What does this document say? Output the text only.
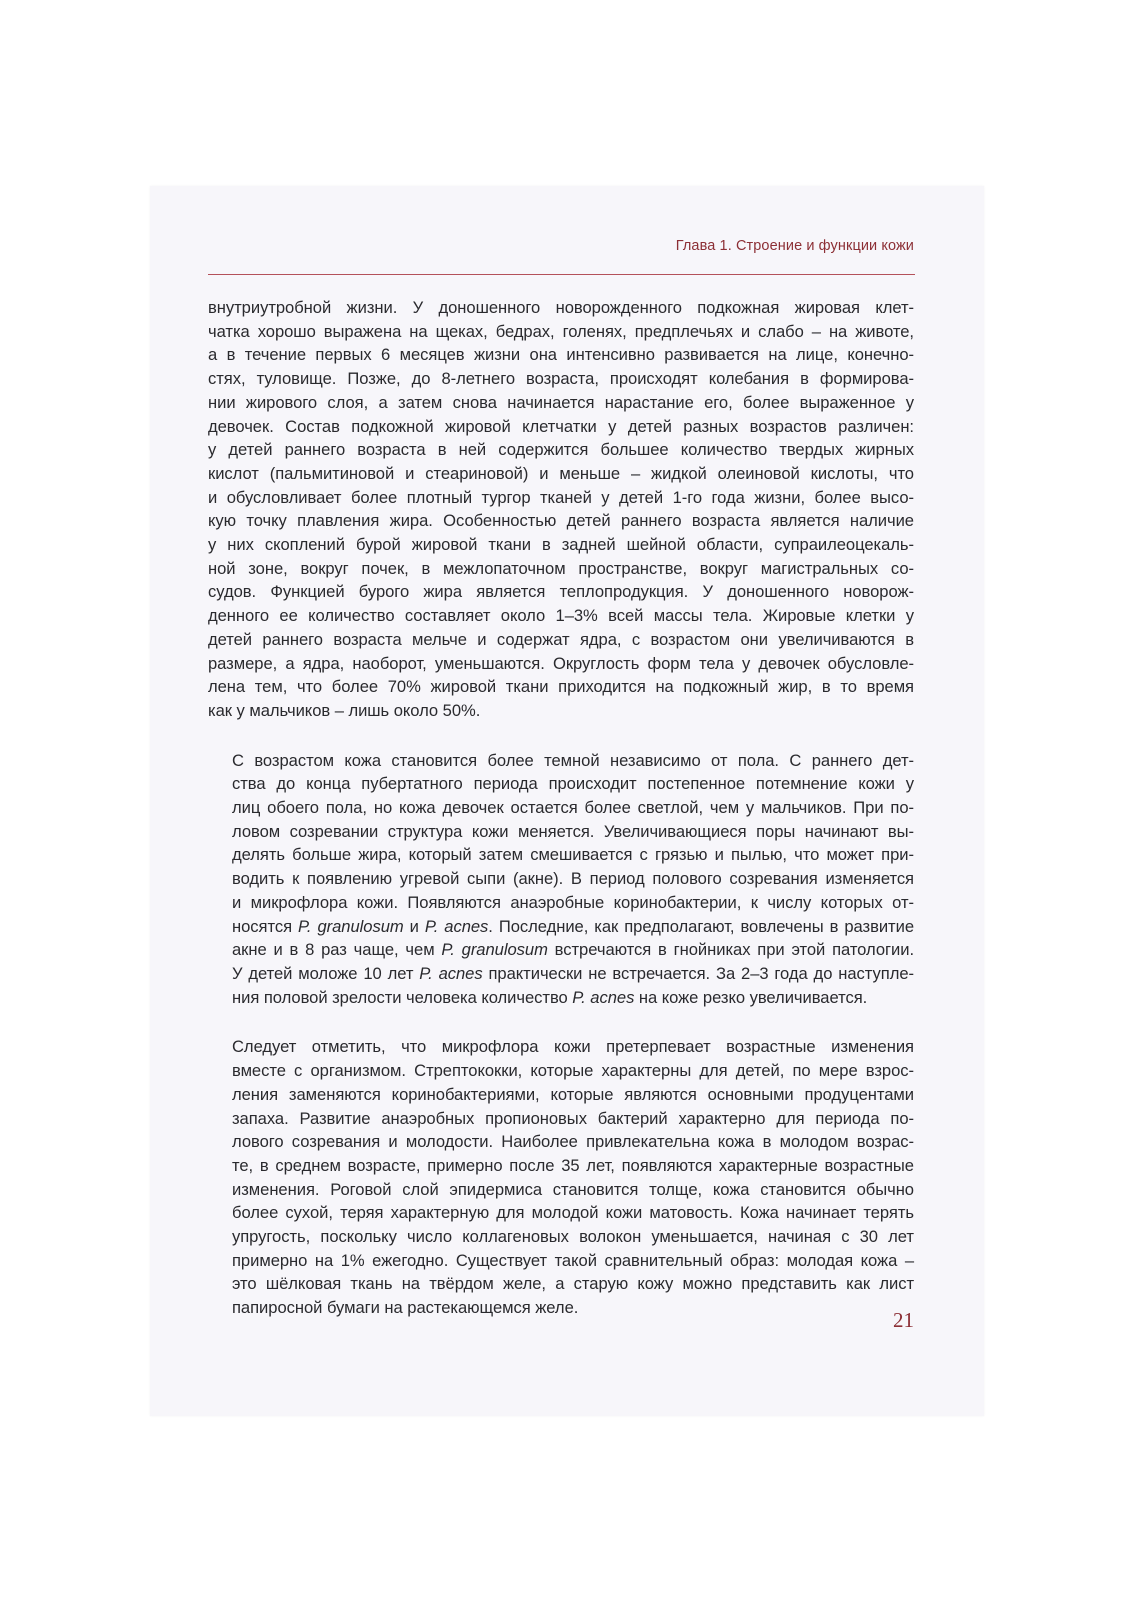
Глава 1. Строение и функции кожи
внутриутробной жизни. У доношенного новорожденного подкожная жировая клет-
чатка хорошо выражена на щеках, бедрах, голенях, предплечьях и слабо – на животе,
а в течение первых 6 месяцев жизни она интенсивно развивается на лице, конечно-
стях, туловище. Позже, до 8-летнего возраста, происходят колебания в формирова-
нии жирового слоя, а затем снова начинается нарастание его, более выраженное у
девочек. Состав подкожной жировой клетчатки у детей разных возрастов различен:
у детей раннего возраста в ней содержится большее количество твердых жирных
кислот (пальмитиновой и стеариновой) и меньше – жидкой олеиновой кислоты, что
и обусловливает более плотный тургор тканей у детей 1-го года жизни, более высо-
кую точку плавления жира. Особенностью детей раннего возраста является наличие
у них скоплений бурой жировой ткани в задней шейной области, супраилеоцекаль-
ной зоне, вокруг почек, в межлопаточном пространстве, вокруг магистральных со-
судов. Функцией бурого жира является теплопродукция. У доношенного новорож-
денного ее количество составляет около 1–3% всей массы тела. Жировые клетки у
детей раннего возраста мельче и содержат ядра, с возрастом они увеличиваются в
размере, а ядра, наоборот, уменьшаются. Округлость форм тела у девочек обусловле-
лена тем, что более 70% жировой ткани приходится на подкожный жир, в то время
как у мальчиков – лишь около 50%.
С возрастом кожа становится более темной независимо от пола. С раннего дет-
ства до конца пубертатного периода происходит постепенное потемнение кожи у
лиц обоего пола, но кожа девочек остается более светлой, чем у мальчиков. При по-
ловом созревании структура кожи меняется. Увеличивающиеся поры начинают вы-
делять больше жира, который затем смешивается с грязью и пылью, что может при-
водить к появлению угревой сыпи (акне). В период полового созревания изменяется
и микрофлора кожи. Появляются анаэробные коринобактерии, к числу которых от-
носятся P. granulosum и P. acnes. Последние, как предполагают, вовлечены в развитие
акне и в 8 раз чаще, чем P. granulosum встречаются в гнойниках при этой патологии.
У детей моложе 10 лет P. acnes практически не встречается. За 2–3 года до наступле-
ния половой зрелости человека количество P. acnes на коже резко увеличивается.
Следует отметить, что микрофлора кожи претерпевает возрастные изменения
вместе с организмом. Стрептококки, которые характерны для детей, по мере взрос-
ления заменяются коринобактериями, которые являются основными продуцентами
запаха. Развитие анаэробных пропионовых бактерий характерно для периода по-
лового созревания и молодости. Наиболее привлекательна кожа в молодом возрас-
те, в среднем возрасте, примерно после 35 лет, появляются характерные возрастные
изменения. Роговой слой эпидермиса становится толще, кожа становится обычно
более сухой, теряя характерную для молодой кожи матовость. Кожа начинает терять
упругость, поскольку число коллагеновых волокон уменьшается, начиная с 30 лет
примерно на 1% ежегодно. Существует такой сравнительный образ: молодая кожа –
это шёлковая ткань на твёрдом желе, а старую кожу можно представить как лист
папиросной бумаги на растекающемся желе.
21
